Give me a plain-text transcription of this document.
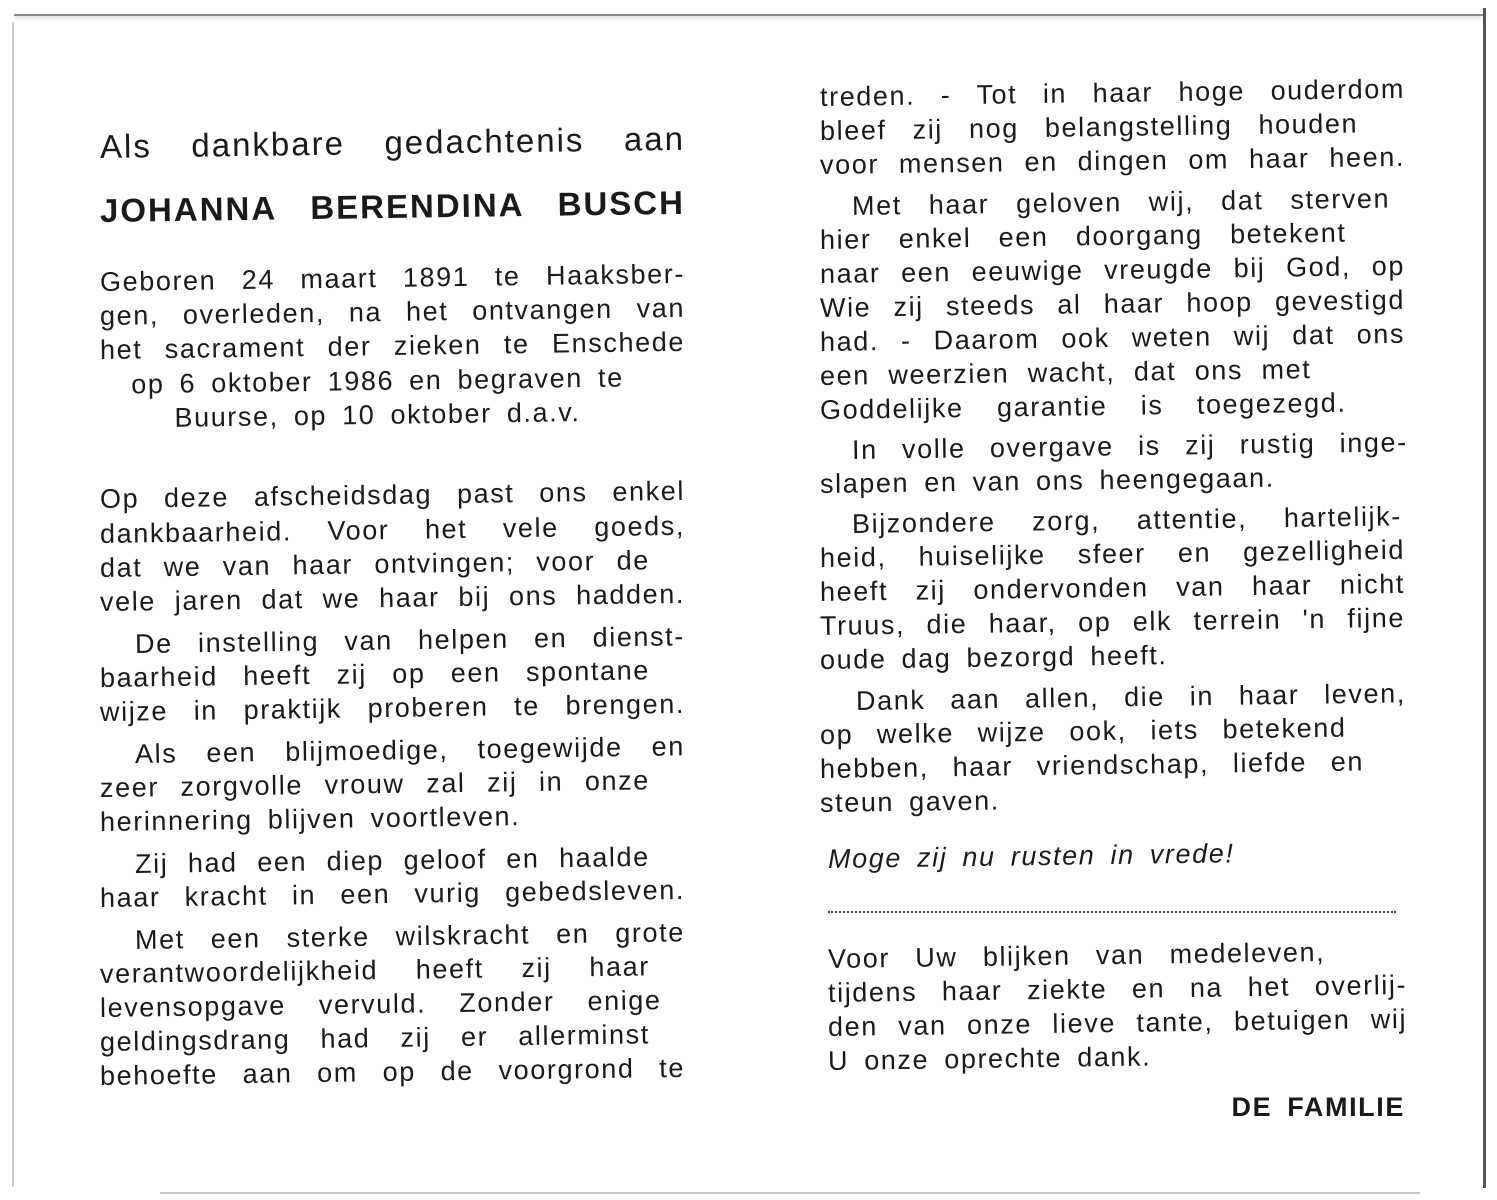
Als dankbare gedachtenis aan
JOHANNA BERENDINA BUSCH
Geboren 24 maart 1891 te Haaksber-
gen, overleden, na het ontvangen van
het sacrament der zieken te Enschede
op 6 oktober 1986 en begraven te
Buurse, op 10 oktober d.a.v.
Op deze afscheidsdag past ons enkel
dankbaarheid. Voor het vele goeds,
dat we van haar ontvingen; voor de
vele jaren dat we haar bij ons hadden.
De instelling van helpen en dienst-
baarheid heeft zij op een spontane
wijze in praktijk proberen te brengen.
Als een blijmoedige, toegewijde en
zeer zorgvolle vrouw zal zij in onze
herinnering blijven voortleven.
Zij had een diep geloof en haalde
haar kracht in een vurig gebedsleven.
Met een sterke wilskracht en grote
verantwoordelijkheid heeft zij haar
levensopgave vervuld. Zonder enige
geldingsdrang had zij er allerminst
behoefte aan om op de voorgrond te
treden. - Tot in haar hoge ouderdom
bleef zij nog belangstelling houden
voor mensen en dingen om haar heen.
Met haar geloven wij, dat sterven
hier enkel een doorgang betekent
naar een eeuwige vreugde bij God, op
Wie zij steeds al haar hoop gevestigd
had. - Daarom ook weten wij dat ons
een weerzien wacht, dat ons met
Goddelijke garantie is toegezegd.
In volle overgave is zij rustig inge-
slapen en van ons heengegaan.
Bijzondere zorg, attentie, hartelijk-
heid, huiselijke sfeer en gezelligheid
heeft zij ondervonden van haar nicht
Truus, die haar, op elk terrein 'n fijne
oude dag bezorgd heeft.
Dank aan allen, die in haar leven,
op welke wijze ook, iets betekend
hebben, haar vriendschap, liefde en
steun gaven.
Moge zij nu rusten in vrede!
Voor Uw blijken van medeleven,
tijdens haar ziekte en na het overlij-
den van onze lieve tante, betuigen wij
U onze oprechte dank.
DE FAMILIE
